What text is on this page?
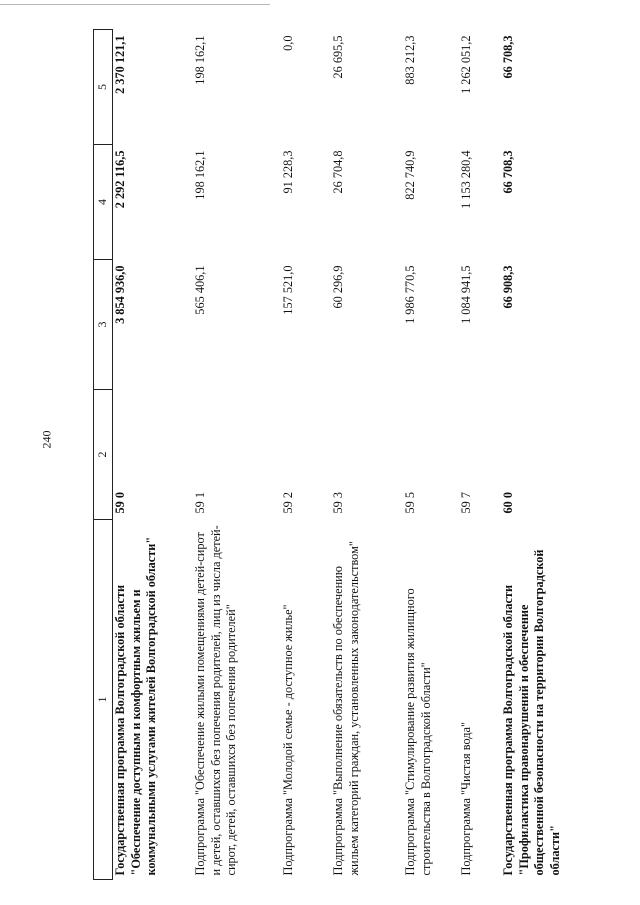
240
1	2	3	4	5
Государственная программа Волгоградской области "Обеспечение доступным и комфортным жильем и коммунальными услугами жителей Волгоградской области"	59 0	3 854 936,0	2 292 116,5	2 370 121,1
Подпрограмма "Обеспечение жилыми помещениями детей-сирот и детей, оставшихся без попечения родителей, лиц из числа детей-сирот, детей, оставшихся без попечения родителей"	59 1	565 406,1	198 162,1	198 162,1
Подпрограмма "Молодой семье - доступное жилье"	59 2	157 521,0	91 228,3	0,0
Подпрограмма "Выполнение обязательств по обеспечению жильем категорий граждан, установленных законодательством"	59 3	60 296,9	26 704,8	26 695,5
Подпрограмма "Стимулирование развития жилищного строительства в Волгоградской области"	59 5	1 986 770,5	822 740,9	883 212,3
Подпрограмма "Чистая вода"	59 7	1 084 941,5	1 153 280,4	1 262 051,2
Государственная программа Волгоградской области "Профилактика правонарушений и обеспечение общественной безопасности на территории Волгоградской области"	60 0	66 908,3	66 708,3	66 708,3
